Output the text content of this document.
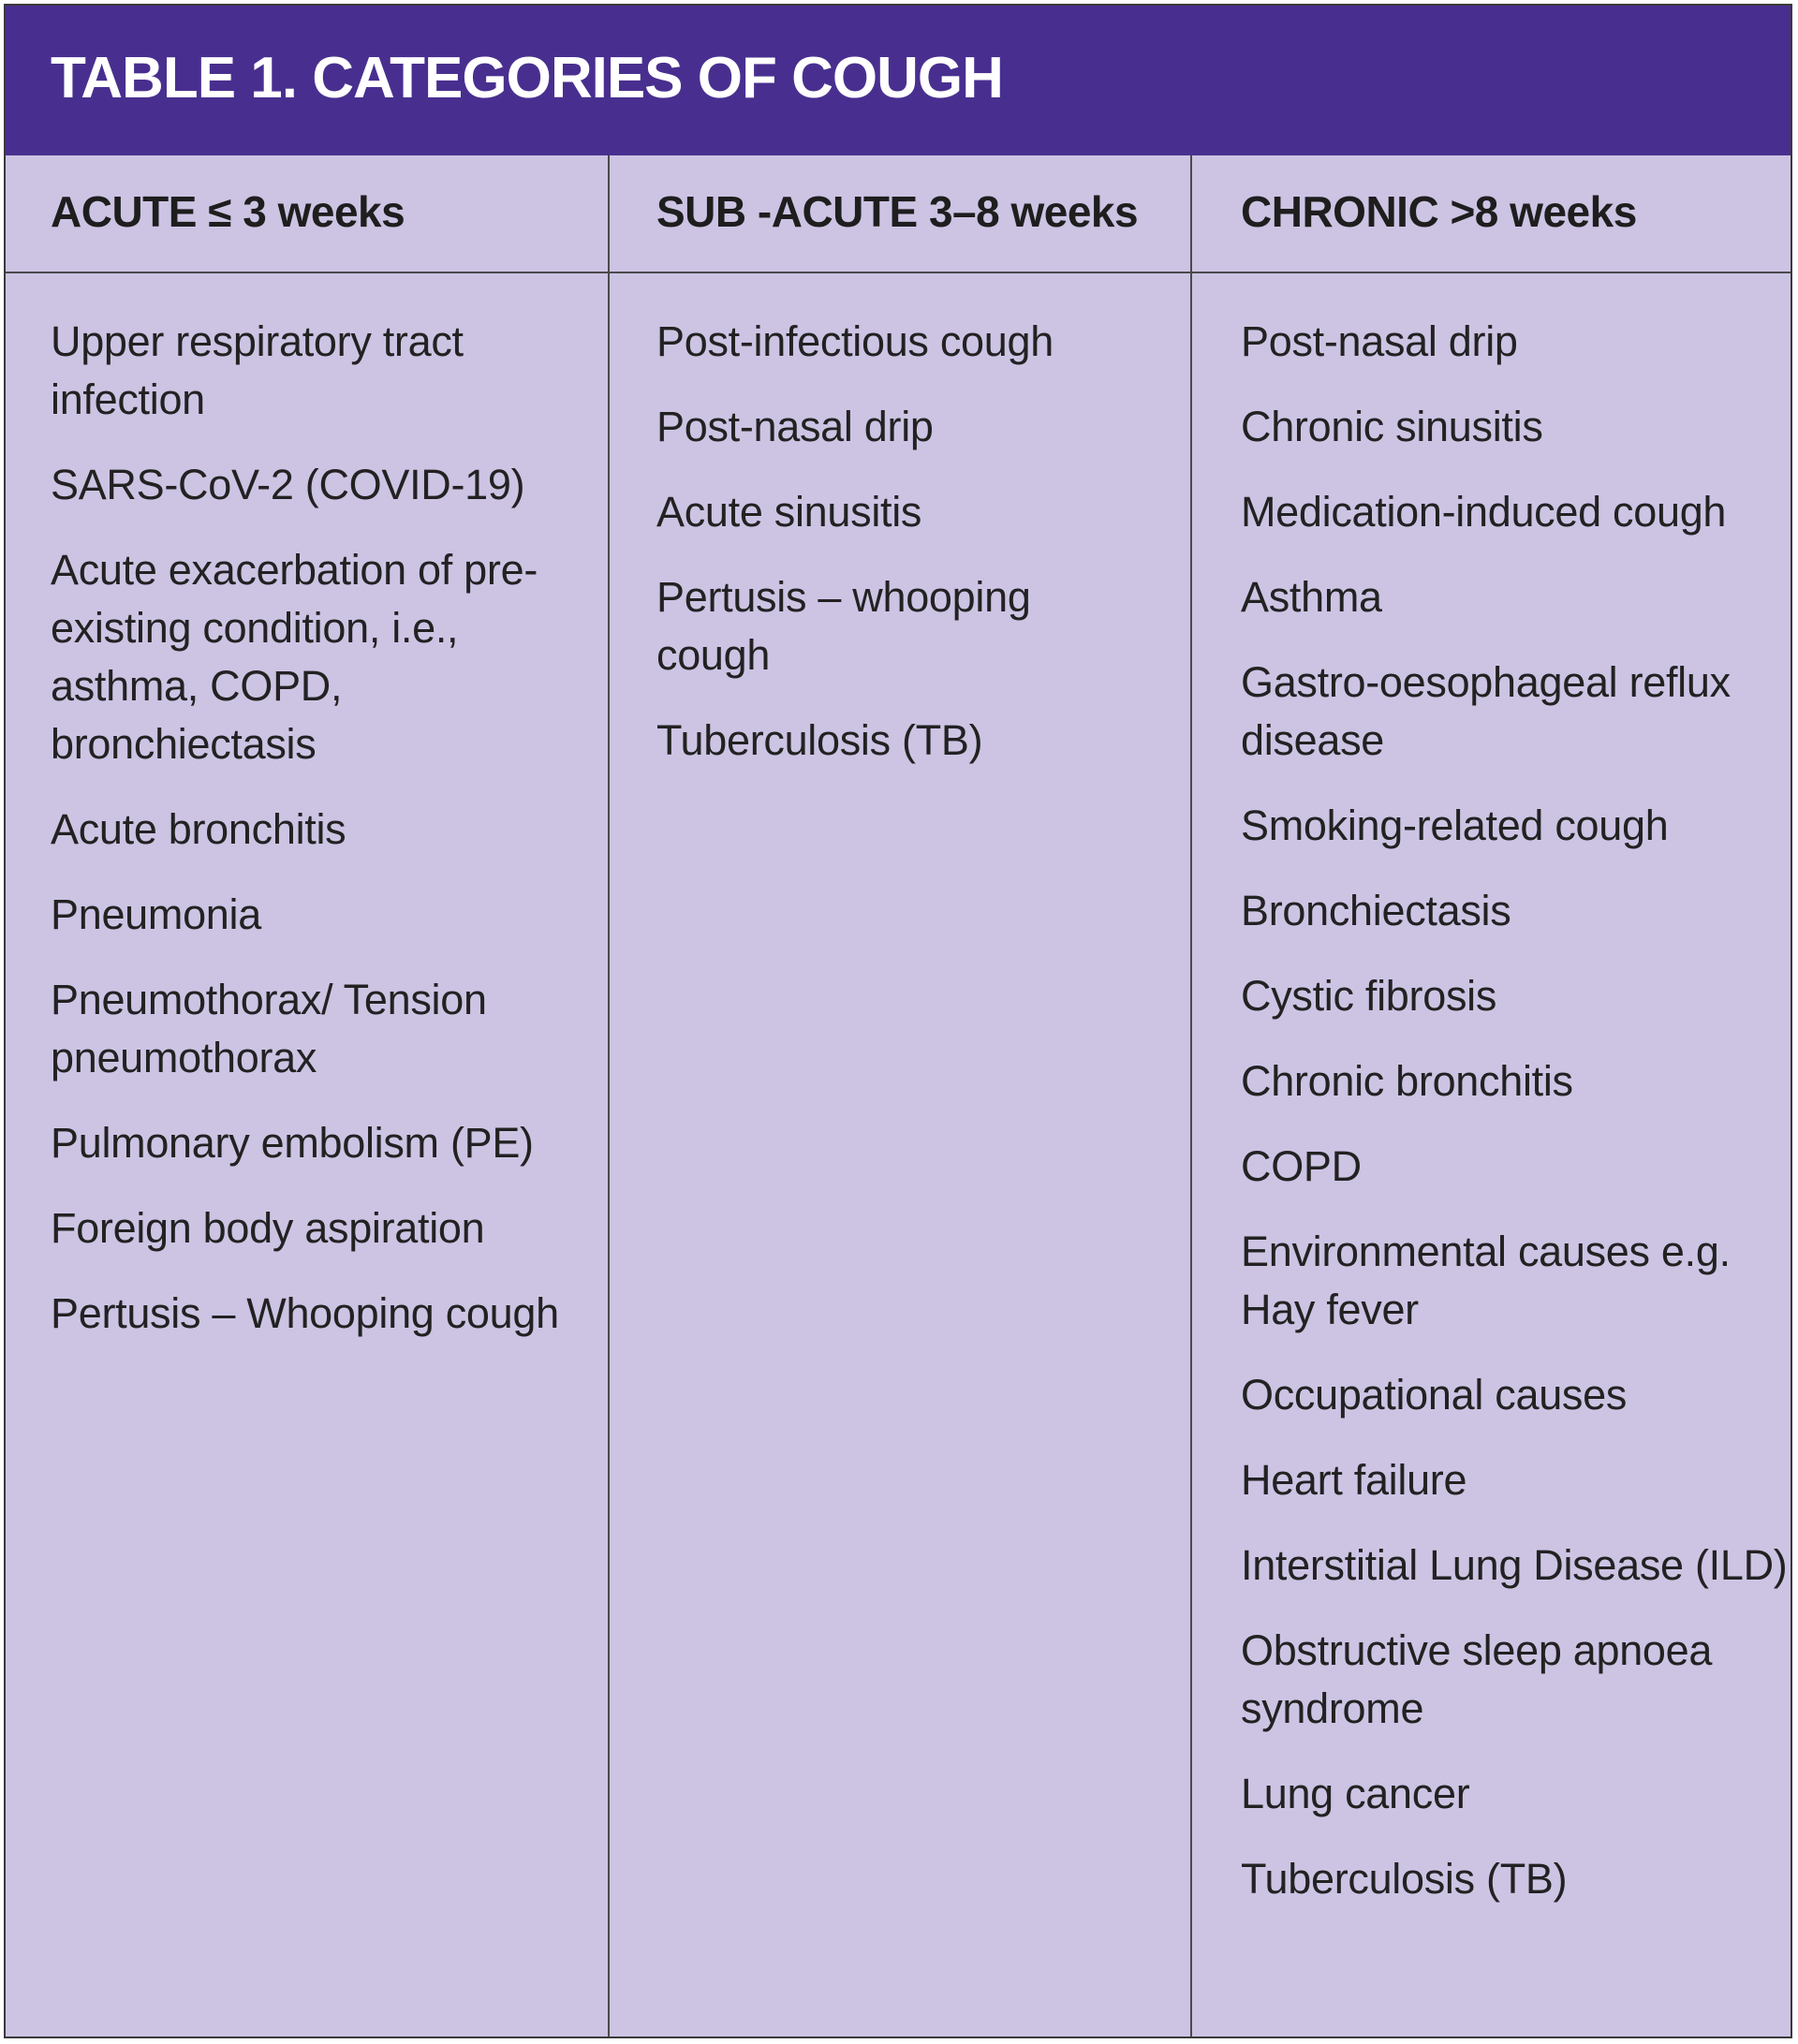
TABLE 1. CATEGORIES OF COUGH
ACUTE ≤ 3 weeks
Upper respiratory tract infection
SARS-CoV-2 (COVID-19)
Acute exacerbation of pre-existing condition, i.e., asthma, COPD, bronchiectasis
Acute bronchitis
Pneumonia
Pneumothorax/ Tension pneumothorax
Pulmonary embolism (PE)
Foreign body aspiration
Pertusis – Whooping cough
SUB -ACUTE 3–8 weeks
Post-infectious cough
Post-nasal drip
Acute sinusitis
Pertusis – whooping cough
Tuberculosis (TB)
CHRONIC >8 weeks
Post-nasal drip
Chronic sinusitis
Medication-induced cough
Asthma
Gastro-oesophageal reflux disease
Smoking-related cough
Bronchiectasis
Cystic fibrosis
Chronic bronchitis
COPD
Environmental causes e.g. Hay fever
Occupational causes
Heart failure
Interstitial Lung Disease (ILD)
Obstructive sleep apnoea syndrome
Lung cancer
Tuberculosis (TB)
